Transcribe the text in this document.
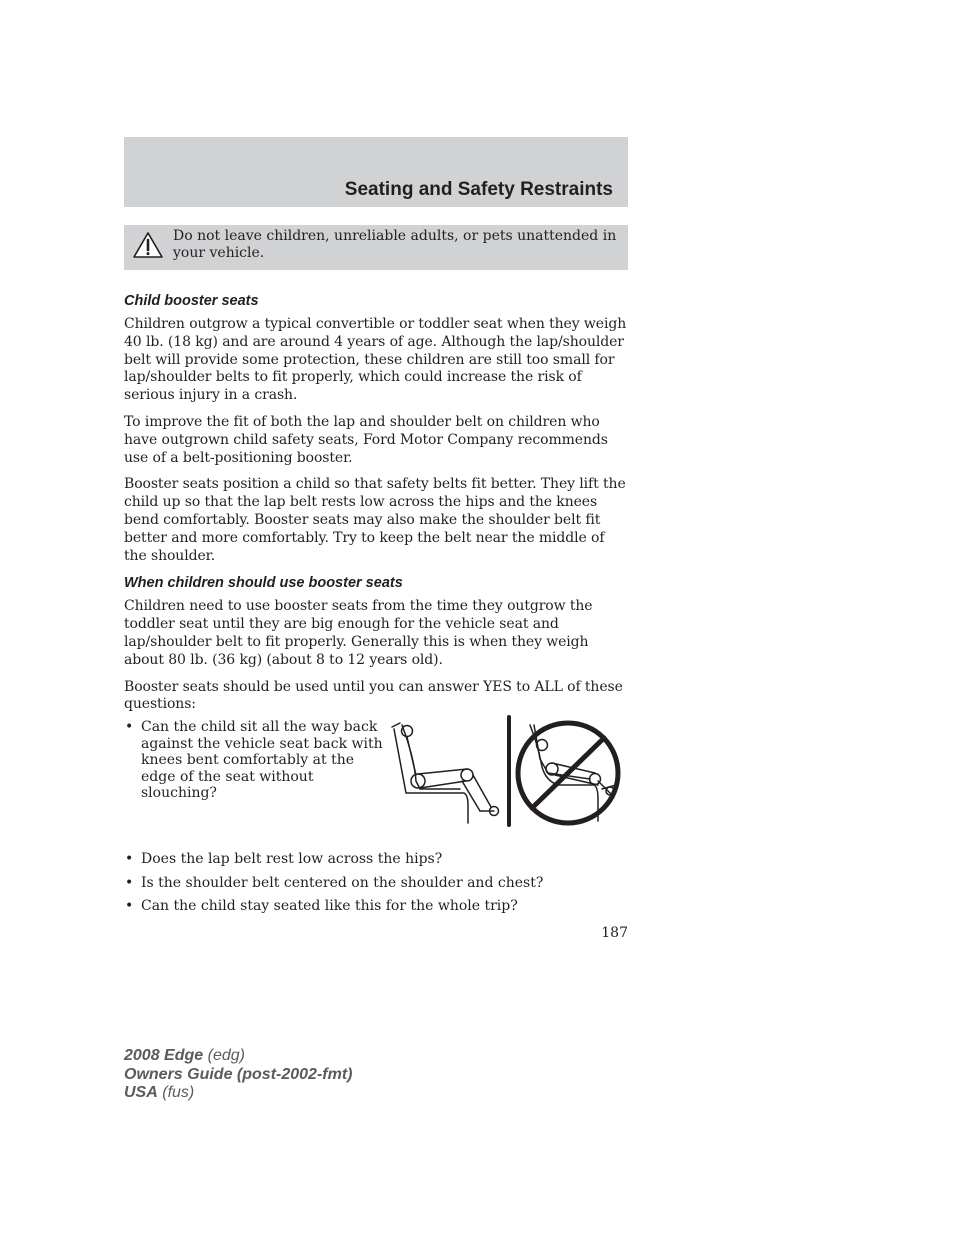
Seating and Safety Restraints

Do not leave children, unreliable adults, or pets unattended in your vehicle.

Child booster seats

Children outgrow a typical convertible or toddler seat when they weigh 40 lb. (18 kg) and are around 4 years of age. Although the lap/shoulder belt will provide some protection, these children are still too small for lap/shoulder belts to fit properly, which could increase the risk of serious injury in a crash.

To improve the fit of both the lap and shoulder belt on children who have outgrown child safety seats, Ford Motor Company recommends use of a belt-positioning booster.

Booster seats position a child so that safety belts fit better. They lift the child up so that the lap belt rests low across the hips and the knees bend comfortably. Booster seats may also make the shoulder belt fit better and more comfortably. Try to keep the belt near the middle of the shoulder.

When children should use booster seats

Children need to use booster seats from the time they outgrow the toddler seat until they are big enough for the vehicle seat and lap/shoulder belt to fit properly. Generally this is when they weigh about 80 lb. (36 kg) (about 8 to 12 years old).

Booster seats should be used until you can answer YES to ALL of these questions:

• Can the child sit all the way back against the vehicle seat back with knees bent comfortably at the edge of the seat without slouching?
• Does the lap belt rest low across the hips?
• Is the shoulder belt centered on the shoulder and chest?
• Can the child stay seated like this for the whole trip?

187

2008 Edge (edg)
Owners Guide (post-2002-fmt)
USA (fus)
